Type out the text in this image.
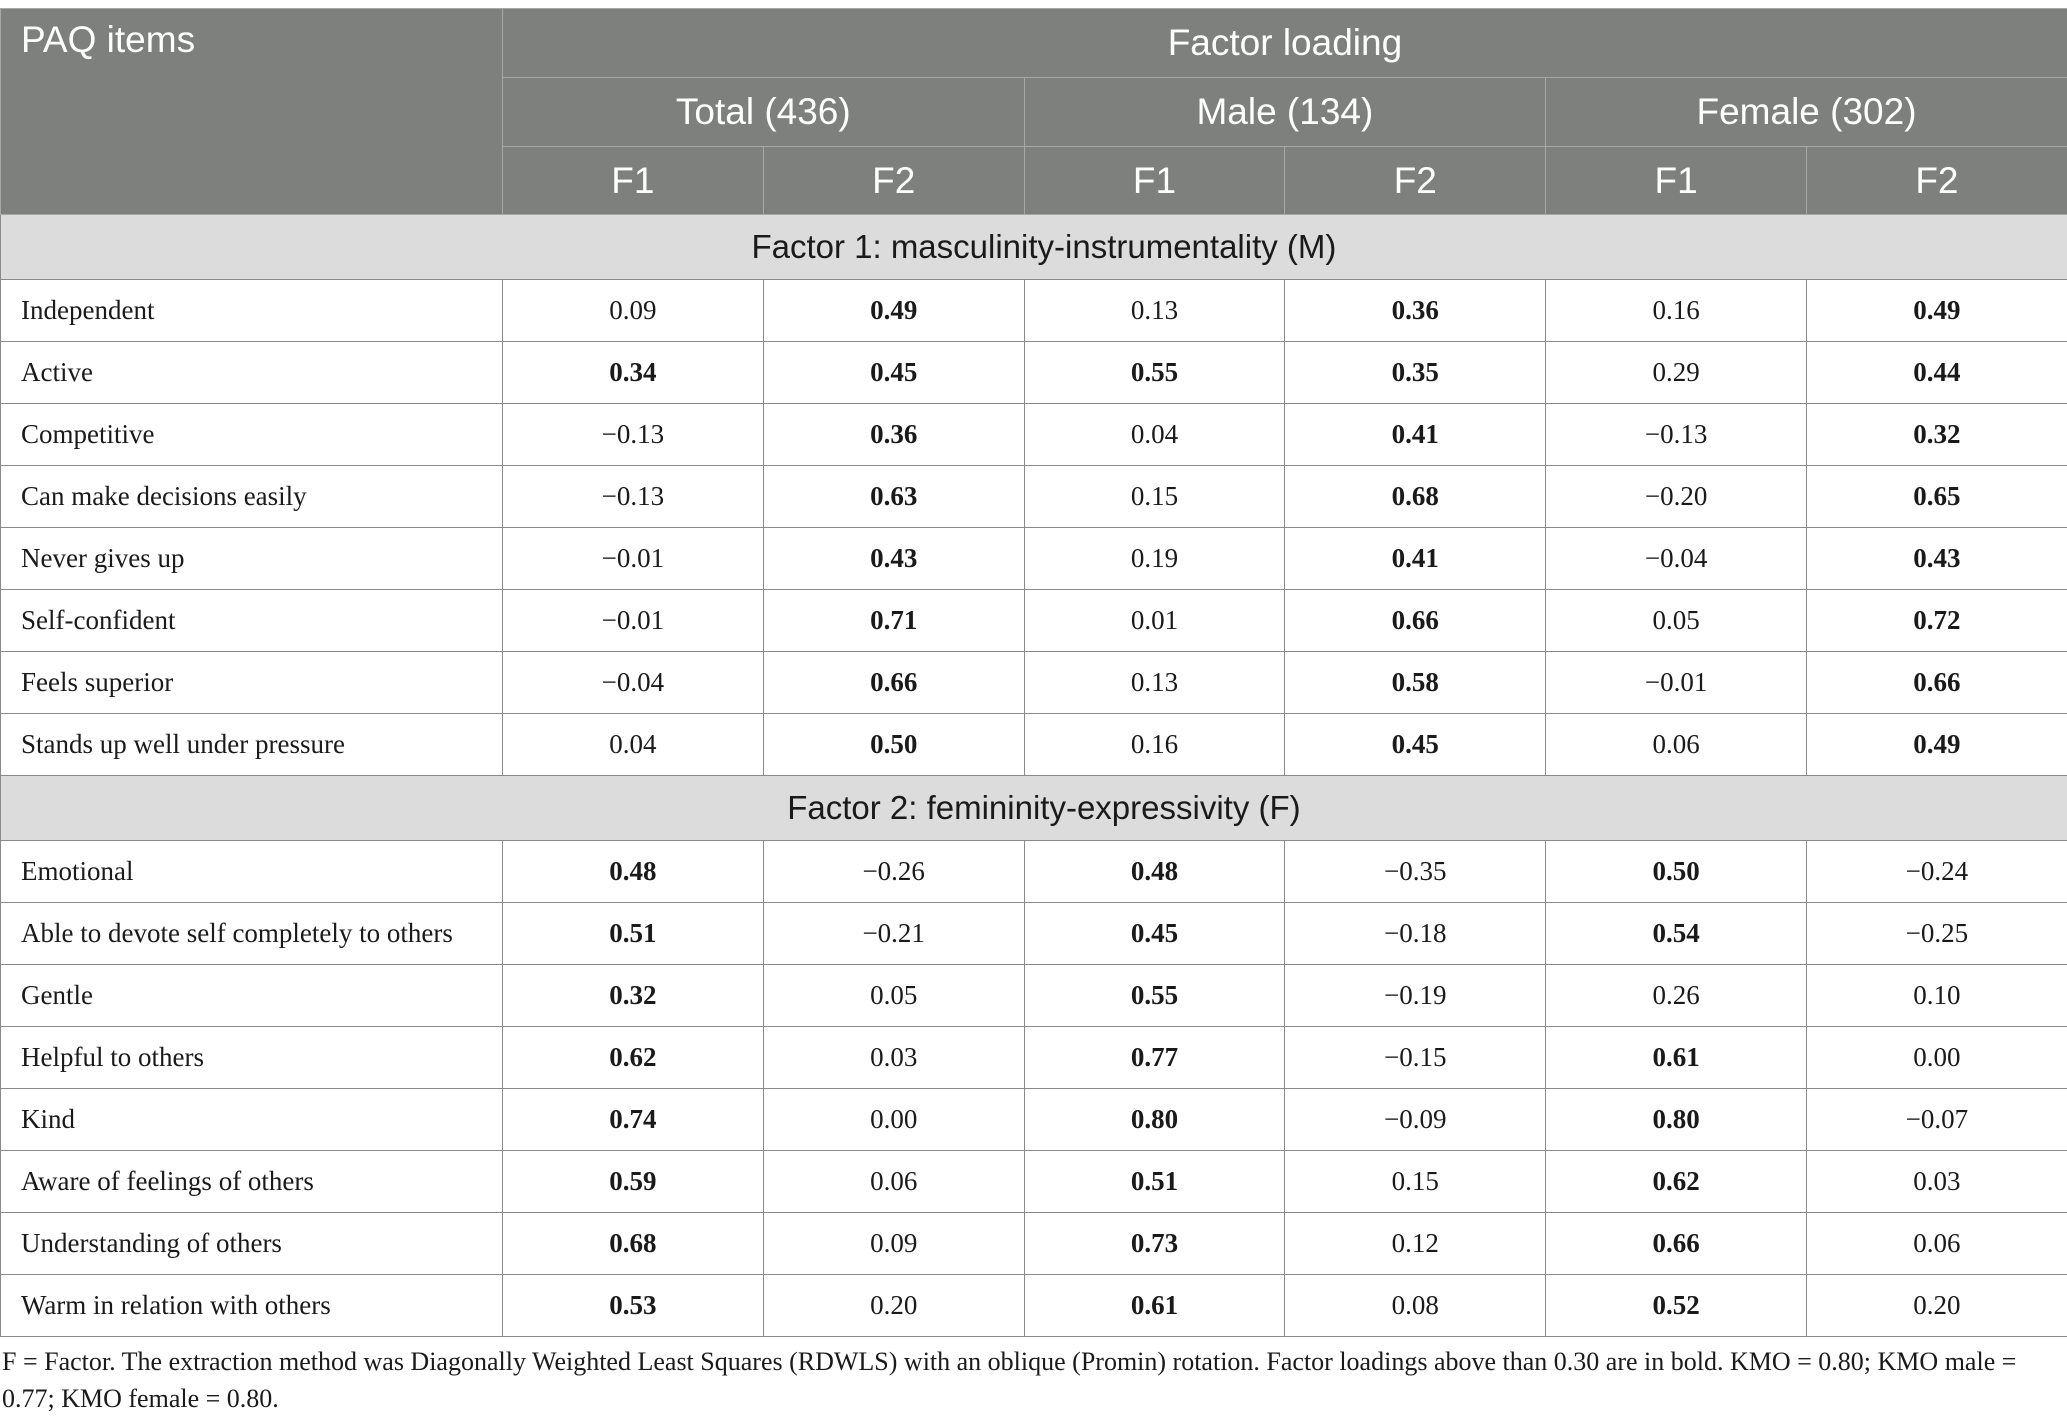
PAQ items	Factor loading					
	Total (436)		Male (134)		Female (302)	
	F1	F2	F1	F2	F1	F2
Factor 1: masculinity-instrumentality (M)						
Independent	0.09	0.49	0.13	0.36	0.16	0.49
Active	0.34	0.45	0.55	0.35	0.29	0.44
Competitive	−0.13	0.36	0.04	0.41	−0.13	0.32
Can make decisions easily	−0.13	0.63	0.15	0.68	−0.20	0.65
Never gives up	−0.01	0.43	0.19	0.41	−0.04	0.43
Self-confident	−0.01	0.71	0.01	0.66	0.05	0.72
Feels superior	−0.04	0.66	0.13	0.58	−0.01	0.66
Stands up well under pressure	0.04	0.50	0.16	0.45	0.06	0.49
Factor 2: femininity-expressivity (F)						
Emotional	0.48	−0.26	0.48	−0.35	0.50	−0.24
Able to devote self completely to others	0.51	−0.21	0.45	−0.18	0.54	−0.25
Gentle	0.32	0.05	0.55	−0.19	0.26	0.10
Helpful to others	0.62	0.03	0.77	−0.15	0.61	0.00
Kind	0.74	0.00	0.80	−0.09	0.80	−0.07
Aware of feelings of others	0.59	0.06	0.51	0.15	0.62	0.03
Understanding of others	0.68	0.09	0.73	0.12	0.66	0.06
Warm in relation with others	0.53	0.20	0.61	0.08	0.52	0.20
F = Factor. The extraction method was Diagonally Weighted Least Squares (RDWLS) with an oblique (Promin) rotation. Factor loadings above than 0.30 are in bold. KMO = 0.80; KMO male = 0.77; KMO female = 0.80.
